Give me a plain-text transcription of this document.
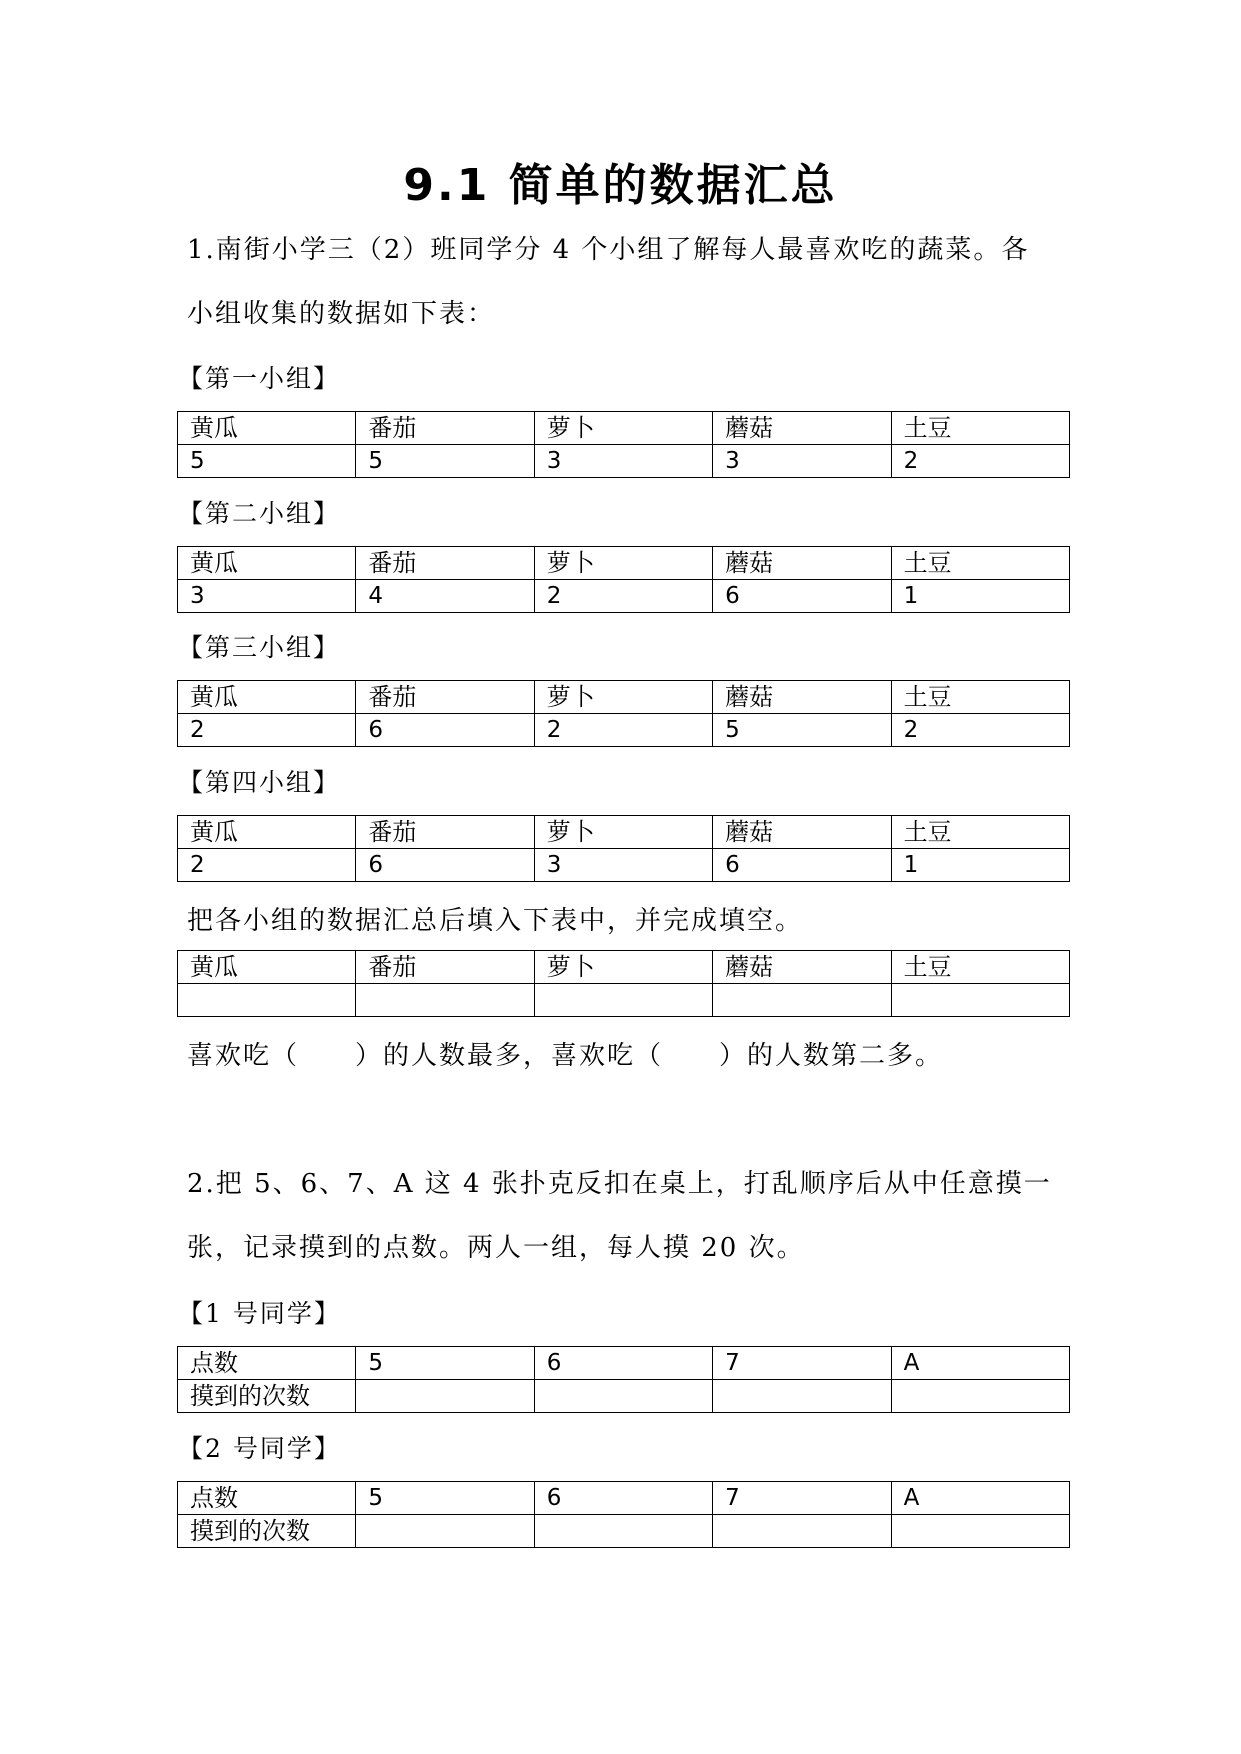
9.1 简单的数据汇总
1.南街小学三（2）班同学分 4 个小组了解每人最喜欢吃的蔬菜。各
小组收集的数据如下表：
【第一小组】
黄瓜	番茄	萝卜	蘑菇	土豆
5	5	3	3	2
【第二小组】
黄瓜	番茄	萝卜	蘑菇	土豆
3	4	2	6	1
【第三小组】
黄瓜	番茄	萝卜	蘑菇	土豆
2	6	2	5	2
【第四小组】
黄瓜	番茄	萝卜	蘑菇	土豆
2	6	3	6	1
把各小组的数据汇总后填入下表中，并完成填空。
黄瓜	番茄	萝卜	蘑菇	土豆

喜欢吃（　　）的人数最多，喜欢吃（　　）的人数第二多。
2.把 5、6、7、A 这 4 张扑克反扣在桌上，打乱顺序后从中任意摸一
张，记录摸到的点数。两人一组，每人摸 20 次。
【1 号同学】
点数	5	6	7	A
摸到的次数				
【2 号同学】
点数	5	6	7	A
摸到的次数				
